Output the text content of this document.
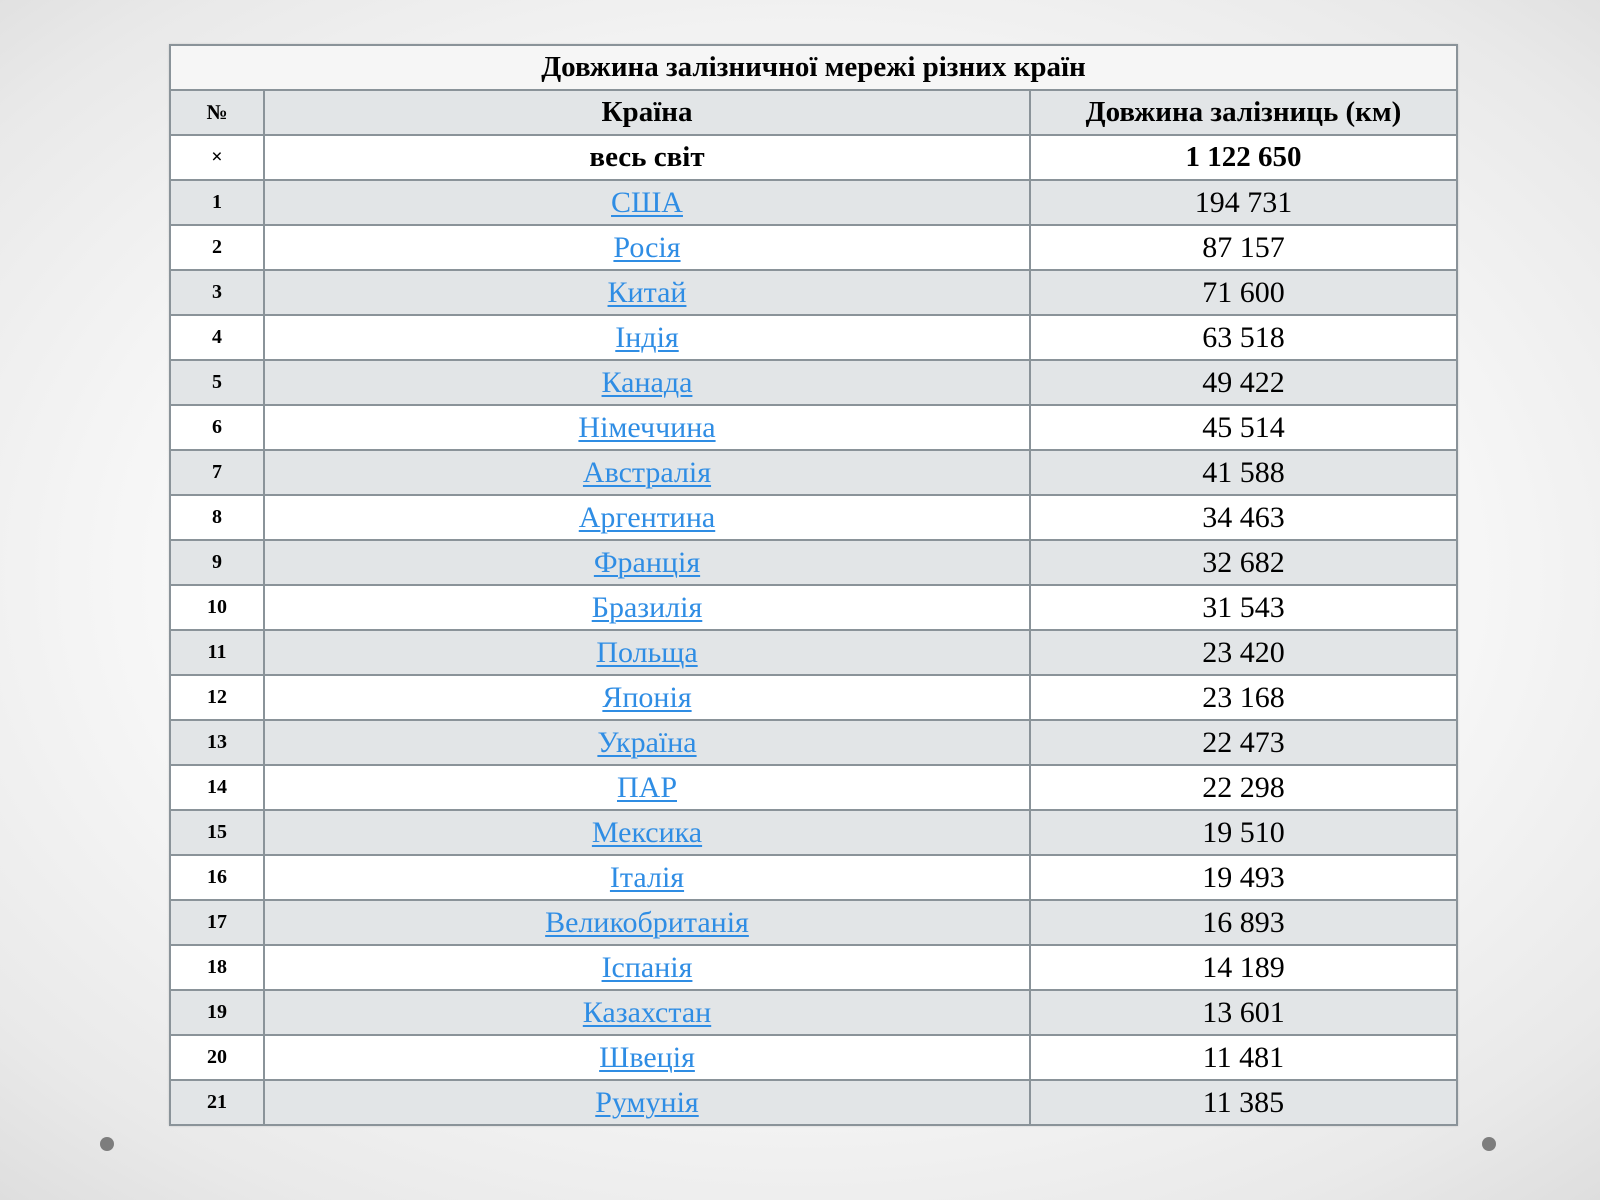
Довжина залізничної мережі різних країн		
№	Країна	Довжина залізниць (км)
×	весь світ	1 122 650
1	США	194 731
2	Росія	87 157
3	Китай	71 600
4	Індія	63 518
5	Канада	49 422
6	Німеччина	45 514
7	Австралія	41 588
8	Аргентина	34 463
9	Франція	32 682
10	Бразилія	31 543
11	Польща	23 420
12	Японія	23 168
13	Україна	22 473
14	ПАР	22 298
15	Мексика	19 510
16	Італія	19 493
17	Великобританія	16 893
18	Іспанія	14 189
19	Казахстан	13 601
20	Швеція	11 481
21	Румунія	11 385
